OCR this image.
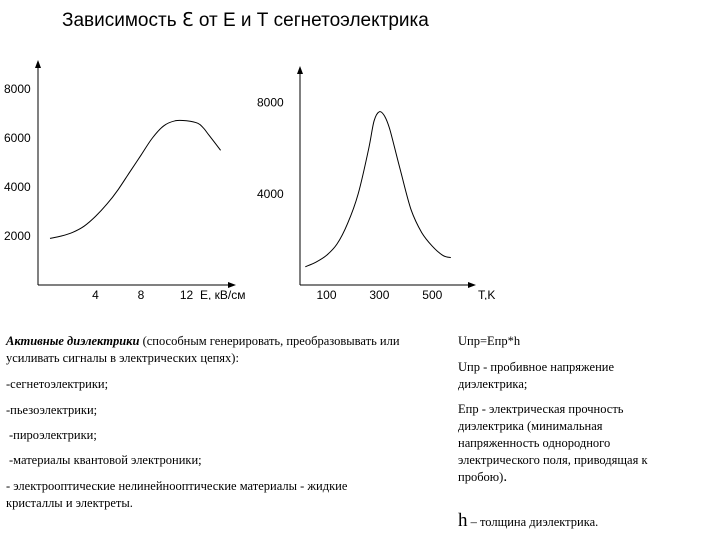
Зависимость ℇ от Е и Т сегнетоэлектрика
2000
4000
6000
8000
4	8	12 E, кВ/см
4000
8000
100	300	500	T,K
Активные диэлектрики (способным генерировать, преобразовывать или усиливать сигналы в электрических цепях):
-сегнетоэлектрики;
-пьезоэлектрики;
-пироэлектрики;
-материалы квантовой электроники;
- электрооптические нелинейнооптические материалы - жидкие кристаллы и электреты.
Uпр=Eпр*h
Uпр - пробивное напряжение диэлектрика;
Eпр - электрическая прочность диэлектрика (минимальная напряженность однородного электрического поля, приводящая к пробою).
h – толщина диэлектрика.
